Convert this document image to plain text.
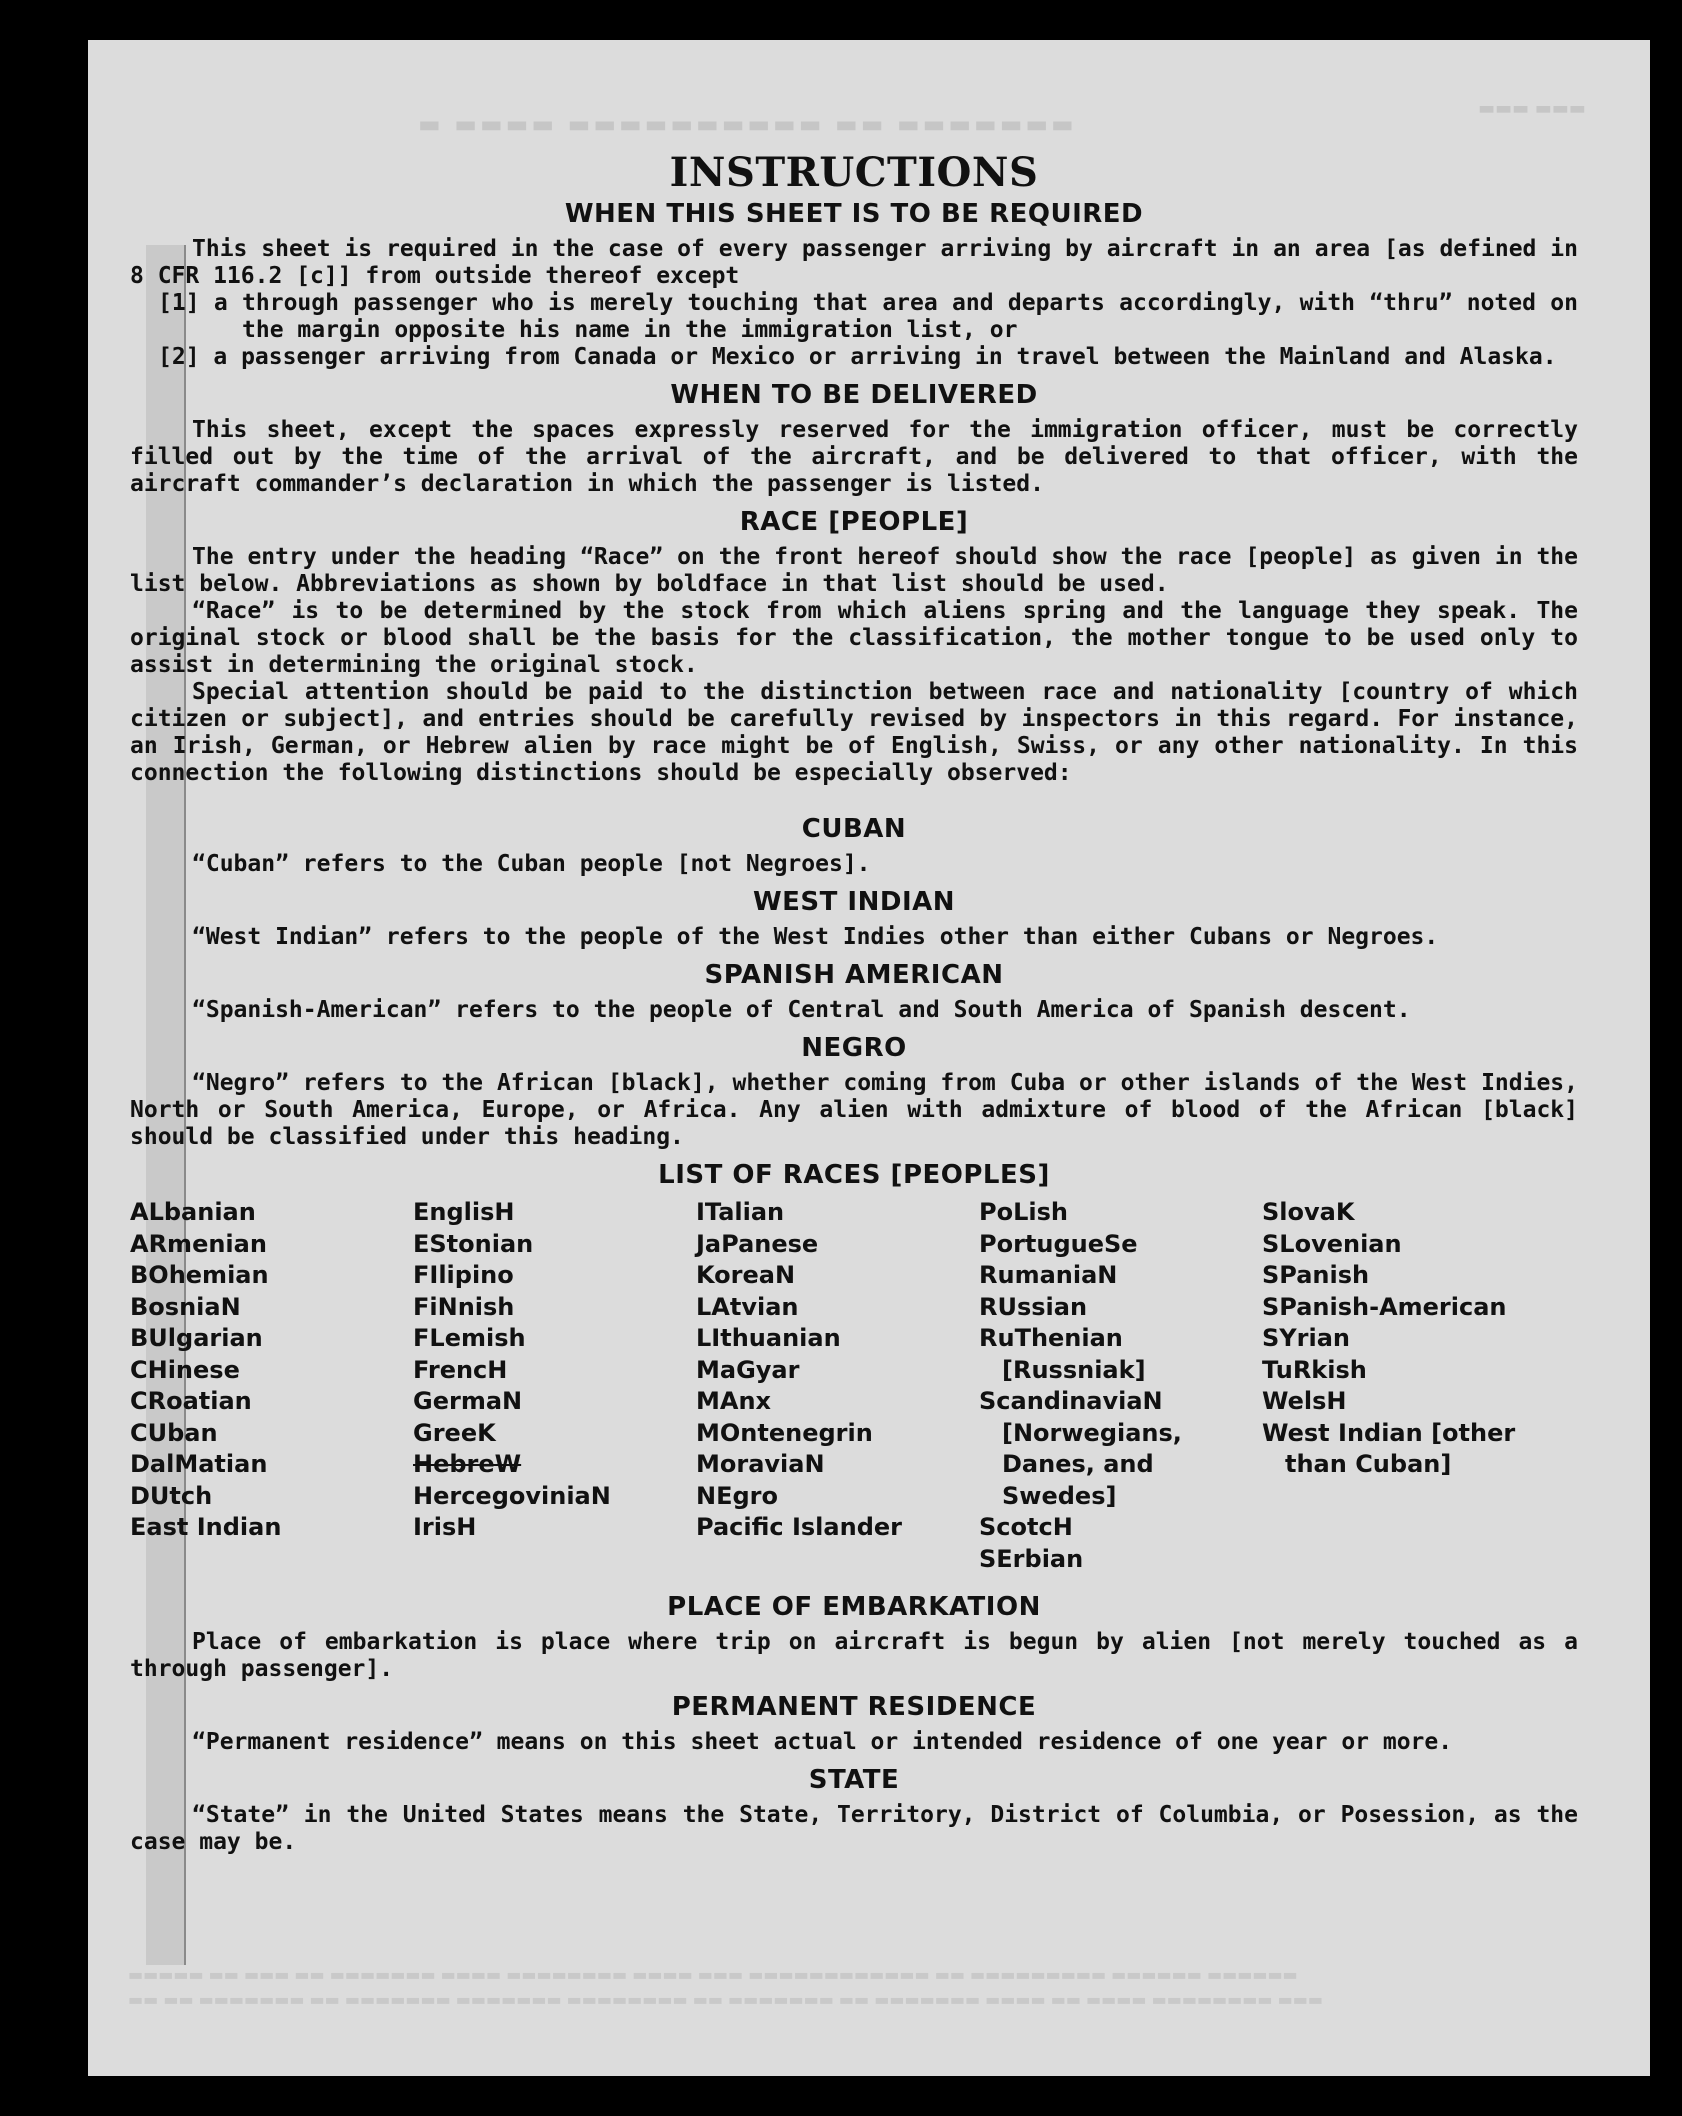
▬ ▬▬▬▬ ▬▬▬▬▬▬▬▬▬▬ ▬▬ ▬▬▬▬▬▬▬
▬▬▬ ▬▬▬
INSTRUCTIONS
WHEN THIS SHEET IS TO BE REQUIRED

This sheet is required in the case of every passenger arriving by aircraft in an area [as defined in 8 CFR 116.2 [c]] from outside thereof except

[1] a through passenger who is merely touching that area and departs accordingly, with “thru” noted on the margin opposite his name in the immigration list, or
[2] a passenger arriving from Canada or Mexico or arriving in travel between the Mainland and Alaska.
WHEN TO BE DELIVERED

This sheet, except the spaces expressly reserved for the immigration officer, must be correctly filled out by the time of the arrival of the aircraft, and be delivered to that officer, with the aircraft commander’s declaration in which the passenger is listed.

RACE [PEOPLE]

The entry under the heading “Race” on the front hereof should show the race [people] as given in the list below. Abbreviations as shown by boldface in that list should be used.

“Race” is to be determined by the stock from which aliens spring and the language they speak. The original stock or blood shall be the basis for the classification, the mother tongue to be used only to assist in determining the original stock.

Special attention should be paid to the distinction between race and nationality [country of which citizen or subject], and entries should be carefully revised by inspectors in this regard. For instance, an Irish, German, or Hebrew alien by race might be of English, Swiss, or any other nationality. In this connection the following distinctions should be especially observed:

CUBAN

“Cuban” refers to the Cuban people [not Negroes].

WEST INDIAN

“West Indian” refers to the people of the West Indies other than either Cubans or Negroes.

SPANISH AMERICAN

“Spanish-American” refers to the people of Central and South America of Spanish descent.

NEGRO

“Negro” refers to the African [black], whether coming from Cuba or other islands of the West Indies, North or South America, Europe, or Africa. Any alien with admixture of blood of the African [black] should be classified under this heading.

LIST OF RACES [PEOPLES]
ALbanian
ARmenian
BOhemian
BosniaN
BUlgarian
CHinese
CRoatian
CUban
DalMatian
DUtch
East Indian
EnglisH
EStonian
FIlipino
FiNnish
FLemish
FrencH
GermaN
GreeK
HebreW
HercegoviniaN
IrisH
ITalian
JaPanese
KoreaN
LAtvian
LIthuanian
MaGyar
MAnx
MOntenegrin
MoraviaN
NEgro
Pacific Islander
PoLish
PortugueSe
RumaniaN
RUssian
RuThenian [Russniak]
ScandinaviaN [Norwegians, Danes, and Swedes]
ScotcH
SErbian
SlovaK
SLovenian
SPanish
SPanish-American
SYrian
TuRkish
WelsH
West Indian [other than Cuban]
PLACE OF EMBARKATION

Place of embarkation is place where trip on aircraft is begun by alien [not merely touched as a through passenger].

PERMANENT RESIDENCE

“Permanent residence” means on this sheet actual or intended residence of one year or more.

STATE

“State” in the United States means the State, Territory, District of Columbia, or Posession, as the case may be.

▬▬▬▬▬ ▬▬ ▬▬▬ ▬▬ ▬▬▬▬▬▬▬ ▬▬▬▬ ▬▬▬▬▬▬▬▬ ▬▬▬▬ ▬▬▬ ▬▬▬▬▬▬▬▬▬▬▬▬ ▬▬ ▬▬▬▬▬▬▬▬▬ ▬▬▬▬▬▬ ▬▬▬▬▬▬
▬▬ ▬▬ ▬▬▬▬▬▬▬ ▬▬ ▬▬▬▬▬▬▬ ▬▬▬▬▬▬▬ ▬▬▬▬▬▬▬▬ ▬▬ ▬▬▬▬▬▬▬ ▬▬ ▬▬▬▬▬▬▬ ▬▬▬▬ ▬▬ ▬▬▬▬ ▬▬▬▬▬▬▬▬ ▬▬▬
